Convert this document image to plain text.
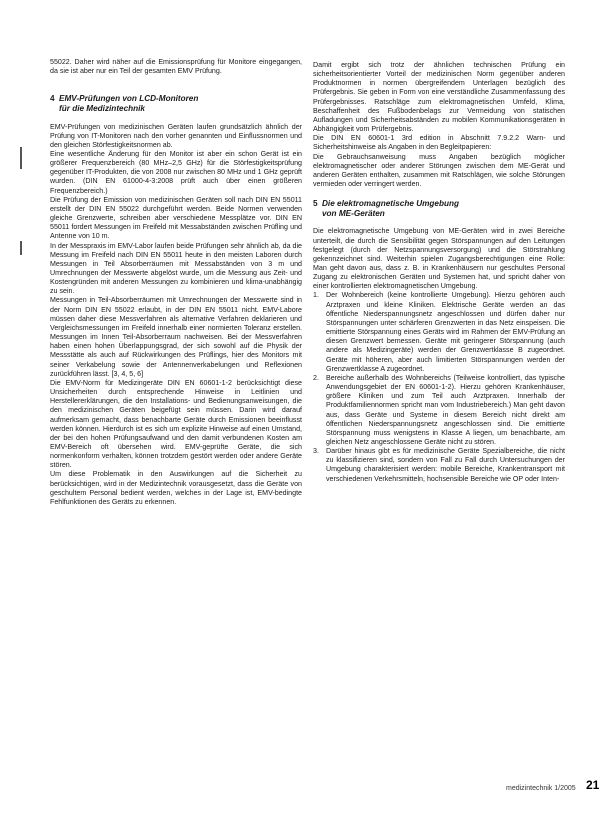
55022. Daher wird näher auf die Emissionsprüfung für Monitore eingegangen, da sie ist aber nur ein Teil der gesamten EMV Prüfung.

4 EMV-Prüfungen von LCD-Monitoren
für die Medizintechnik

EMV-Prüfungen von medizinischen Geräten laufen grundsätzlich ähnlich der Prüfung von IT-Monitoren nach den vorher genannten und Einflussnormen und den gleichen Störfestigkeitsnormen ab.

Eine wesentliche Änderung für den Monitor ist aber ein schon Gerät ist ein größerer Frequenzbereich (80 MHz–2,5 GHz) für die Störfestigkeitsprüfung gegenüber IT-Produkten, die von 2008 nur zwischen 80 MHz und 1 GHz geprüft wurden. (DIN EN 61000-4-3:2008 prüft auch über einen größeren Frequenzbereich.)

Die Prüfung der Emission von medizinischen Geräten soll nach DIN EN 55011 erstellt der DIN EN 55022 durchgeführt werden. Beide Normen verwenden gleiche Grenzwerte, schreiben aber verschiedene Messplätze vor. DIN EN 55011 fordert Messungen im Freifeld mit Messabständen zwischen Prüfling und Antenne von 10 m.

In der Messpraxis im EMV-Labor laufen beide Prüfungen sehr ähnlich ab, da die Messung im Freifeld nach DIN EN 55011 heute in den meisten Laboren durch Messungen in Teil Absorberräumen mit Messabständen von 3 m und Umrechnungen der Messwerte abgelöst wurde, um die Messung aus Zeit- und Kostengründen mit anderen Messungen zu kombinieren und klima-unabhängig zu sein.

Messungen in Teil-Absorberräumen mit Umrechnungen der Messwerte sind in der Norm DIN EN 55022 erlaubt, in der DIN EN 55011 nicht. EMV-Labore müssen daher diese Messverfahren als alternative Verfahren deklarieren und Vergleichsmessungen im Freifeld innerhalb einer normierten Toleranz erstellen. Messungen im Innen Teil-Absorberraum nachweisen. Bei der Messverfahren haben einen hohen Überlappungsgrad, der sich sowohl auf die Physik der Messstätte als auch auf Rückwirkungen des Prüflings, hier des Monitors mit seiner Verkabelung sowie der Antennenverkabelungen und Reflexionen zurückführen lässt. [3, 4, 5, 6]

Die EMV-Norm für Medizingeräte DIN EN 60601-1-2 berücksichtigt diese Unsicherheiten durch entsprechende Hinweise in Leitlinien und Herstellererklärungen, die den Installations- und Bedienungsanweisungen, die den medizinischen Geräten beigefügt sein müssen. Darin wird darauf aufmerksam gemacht, dass benachbarte Geräte durch Emissionen beeinflusst werden können. Hierdurch ist es sich um explizite Hinweise auf einen Umstand, der bei den hohen Prüfungsaufwand und den damit verbundenen Kosten am EMV-Bereich oft übersehen wird. EMV-geprüfte Geräte, die sich normenkonform verhalten, können trotzdem gestört werden oder andere Geräte stören.

Um diese Problematik in den Auswirkungen auf die Sicherheit zu berücksichtigen, wird in der Medizintechnik vorausgesetzt, dass die Geräte von geschultem Personal bedient werden, welches in der Lage ist, EMV-bedingte Fehlfunktionen des Geräts zu erkennen.

Damit ergibt sich trotz der ähnlichen technischen Prüfung ein sicherheitsorientierter Vorteil der medizinischen Norm gegenüber anderen Produktnormen in normen übergreifendem Unterlagen bezüglich des Prüfergebnis. Sie geben in Form von eine verständliche Zusammenfassung des Prüfergebnisses. Ratschläge zum elektromagnetischen Umfeld, Klima, Beschaffenheit des Fußbodenbelags zur Vermeidung von statischen Aufladungen und Sicherheitsabständen zu mobilen Kommunikationsgeräten in Abhängigkeit vom Prüfergebnis.

Die DIN EN 60601-1 3rd edition in Abschnitt 7.9.2.2 Warn- und Sicherheitshinweise als Angaben in den Begleitpapieren:

Die Gebrauchsanweisung muss Angaben bezüglich möglicher elektromagnetischer oder anderer Störungen zwischen dem ME-Gerät und anderen Geräten enthalten, zusammen mit Ratschlägen, wie solche Störungen vermieden oder verringert werden.

5 Die elektromagnetische Umgebung
von ME-Geräten

Die elektromagnetische Umgebung von ME-Geräten wird in zwei Bereiche unterteilt, die durch die Sensibilität gegen Störspannungen auf den Leitungen festgelegt (durch der Netzspannungsversorgung) und die Störstrahlung gekennzeichnet sind. Weiterhin spielen Zugangsberechtigungen eine Rolle: Man geht davon aus, dass z. B. in Krankenhäusern nur geschultes Personal Zugang zu elektronischen Geräten und Systemen hat, und spricht daher von einer kontrollierten elektromagnetischen Umgebung.

1. Der Wohnbereich (keine kontrollierte Umgebung). Hierzu gehören auch Arztpraxen und kleine Kliniken. Elektrische Geräte werden an das öffentliche Niederspannungsnetz angeschlossen und dürfen daher nur Störspannungen unter schärferen Grenzwerten in das Netz einspeisen. Die emittierte Störspannung eines Geräts wird im Rahmen der EMV-Prüfung an diesen Grenzwert bemessen. Geräte mit geringerer Störspannung (auch andere als Medizingeräte) werden der Grenzwertklasse B zugeordnet. Geräte mit höheren, aber auch limitierten Störspannungen werden der Grenzwertklasse A zugeordnet.
2. Bereiche außerhalb des Wohnbereichs (Teilweise kontrolliert, das typische Anwendungsgebiet der EN 60601-1-2). Hierzu gehören Krankenhäuser, größere Kliniken und zum Teil auch Arztpraxen. Innerhalb der Produktfamiliennormen spricht man vom Industriebereich.) Man geht davon aus, dass Geräte und Systeme in diesem Bereich nicht direkt am öffentlichen Niederspannungsnetz angeschlossen sind. Die emittierte Störspannung muss wenigstens in Klasse A liegen, um benachbarte, am gleichen Netz angeschlossene Geräte nicht zu stören.
3. Darüber hinaus gibt es für medizinische Geräte Spezialbereiche, die nicht zu klassifizieren sind, sondern von Fall zu Fall durch Untersuchungen der Umgebung charakterisiert werden: mobile Bereiche, Krankentransport mit verschiedenen Verkehrsmitteln, hochsensible Bereiche wie OP oder Inten-
medizintechnik 1/2005 21
